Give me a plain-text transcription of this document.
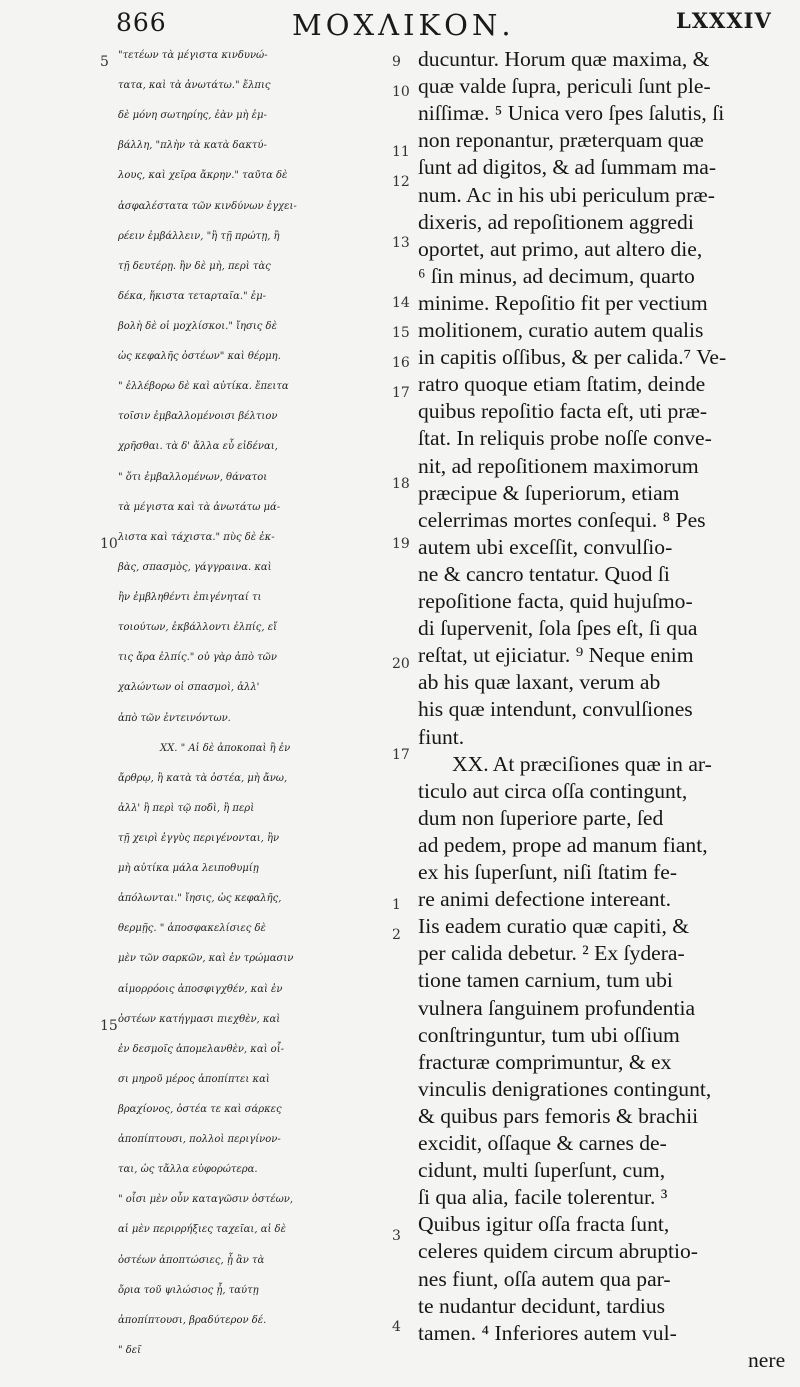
866	ΜΟΧΛΙΚΟΝ.	LXXXIV
"τετέων τὰ μέγιστα κινδυνώ-
τατα, καὶ τὰ ἀνωτάτω." ἔλπις
δὲ μόνη σωτηρίης, ἐὰν μὴ ἐμ-
βάλλη, "πλὴν τὰ κατὰ δακτύ-
λους, καὶ χεῖρα ἄκρην." ταῦτα δὲ
ἀσφαλέστατα τῶν κινδύνων ἐγχει-
ρέειν ἐμβάλλειν, "ἢ τῇ πρώτῃ, ἢ
τῇ δευτέρῃ. ἢν δὲ μὴ, περὶ τὰς
δέκα, ἥκιστα τεταρταῖα." ἐμ-
βολὴ δὲ οἱ μοχλίσκοι." ἴησις δὲ
ὡς κεφαλῆς ὀστέων" καὶ θέρμη.
" ἐλλέβορω δὲ καὶ αὐτίκα. ἔπειτα
τοῖσιν ἐμβαλλομένοισι βέλτιον
χρῆσθαι. τὰ δ' ἄλλα εὖ εἰδέναι,
" ὅτι ἐμβαλλομένων, θάνατοι
τὰ μέγιστα καὶ τὰ ἀνωτάτω μά-
λιστα καὶ τάχιστα." πὺς δὲ ἐκ-
βὰς, σπασμὸς, γάγγραινα. καὶ
ἢν ἐμβληθέντι ἐπιγένηταί τι
τοιούτων, ἐκβάλλοντι ἐλπίς, εἴ
τις ἄρα ἐλπίς." οὐ γὰρ ἀπὸ τῶν
χαλώντων οἱ σπασμοὶ, ἀλλ'
ἀπὸ τῶν ἐντεινόντων.
XX. " Αἱ δὲ ἀποκοπαὶ ἢ ἐν
ἄρθρῳ, ἢ κατὰ τὰ ὀστέα, μὴ ἄνω,
ἀλλ' ἢ περὶ τῷ ποδὶ, ἢ περὶ
τῇ χειρὶ ἐγγὺς περιγένονται, ἢν
μὴ αὐτίκα μάλα λειποθυμίῃ
ἀπόλωνται." ἴησις, ὡς κεφαλῆς,
θερμῇς. " ἀποσφακελίσιες δὲ
μὲν τῶν σαρκῶν, καὶ ἐν τρώμασιν
αἱμορρόοις ἀποσφιγχθέν, καὶ ἐν
ὀστέων κατήγμασι πιεχθὲν, καὶ
ἐν δεσμοῖς ἀπομελανθὲν, καὶ οἷ-
σι μηροῦ μέρος ἀποπίπτει καὶ
βραχίονος, ὀστέα τε καὶ σάρκες
ἀποπίπτουσι, πολλοὶ περιγίνον-
ται, ὡς τἄλλα εὐφορώτερα.
" οἷσι μὲν οὖν καταγῶσιν ὀστέων,
αἱ μὲν περιρρήξιες ταχεῖαι, αἱ δὲ
ὀστέων ἀποπτώσιες, ᾗ ἂν τὰ
ὄρια τοῦ ψιλώσιος ᾖ, ταύτῃ
ἀποπίπτουσι, βραδύτερον δέ.
" δεῖ
5	9
10
11
12
13
14
15
16
17
18
10	19
20
17
1
2
15
3
4
ducuntur. Horum quæ maxima, &
quæ valde ſupra, periculi ſunt ple-
niſſimæ. ⁵ Unica vero ſpes ſalutis, ſi
non reponantur, præterquam quæ
ſunt ad digitos, & ad ſummam ma-
num. Ac in his ubi periculum præ-
dixeris, ad repoſitionem aggredi
oportet, aut primo, aut altero die,
⁶ ſin minus, ad decimum, quarto
minime. Repoſitio fit per vectium
molitionem, curatio autem qualis
in capitis oſſibus, & per calida.⁷ Ve-
ratro quoque etiam ſtatim, deinde
quibus repoſitio facta eſt, uti præ-
ſtat. In reliquis probe noſſe conve-
nit, ad repoſitionem maximorum
præcipue & ſuperiorum, etiam
celerrimas mortes conſequi. ⁸ Pes
autem ubi exceſſit, convulſio-
ne & cancro tentatur. Quod ſi
repoſitione facta, quid hujuſmo-
di ſupervenit, ſola ſpes eſt, ſi qua
reſtat, ut ejiciatur. ⁹ Neque enim
ab his quæ laxant, verum ab
his quæ intendunt, convulſiones
fiunt.
XX. At præciſiones quæ in ar-
ticulo aut circa oſſa contingunt,
dum non ſuperiore parte, ſed
ad pedem, prope ad manum fiant,
ex his ſuperſunt, niſi ſtatim fe-
re animi defectione intereant.
Iis eadem curatio quæ capiti, &
per calida debetur. ² Ex ſydera-
tione tamen carnium, tum ubi
vulnera ſanguinem profundentia
conſtringuntur, tum ubi oſſium
fracturæ comprimuntur, & ex
vinculis denigrationes contingunt,
& quibus pars femoris & brachii
excidit, oſſaque & carnes de-
cidunt, multi ſuperſunt, cum,
ſi qua alia, facile tolerentur. ³
Quibus igitur oſſa fracta ſunt,
celeres quidem circum abruptio-
nes fiunt, oſſa autem qua par-
te nudantur decidunt, tardius
tamen. ⁴ Inferiores autem vul-
nere
